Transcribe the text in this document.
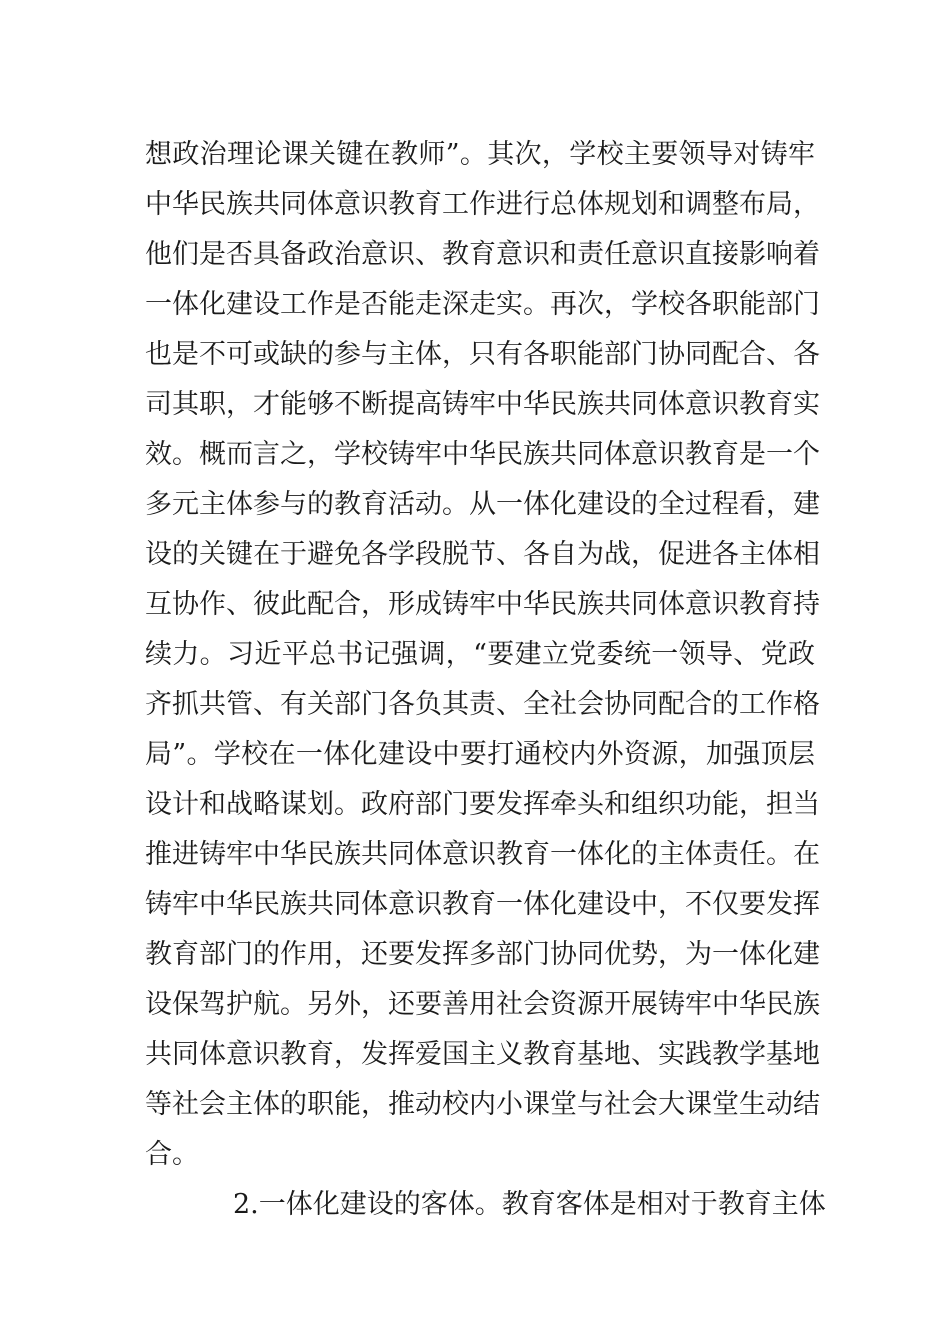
想政治理论课关键在教师”。其次，学校主要领导对铸牢
中华民族共同体意识教育工作进行总体规划和调整布局，
他们是否具备政治意识、教育意识和责任意识直接影响着
一体化建设工作是否能走深走实。再次，学校各职能部门
也是不可或缺的参与主体，只有各职能部门协同配合、各
司其职，才能够不断提高铸牢中华民族共同体意识教育实
效。概而言之，学校铸牢中华民族共同体意识教育是一个
多元主体参与的教育活动。从一体化建设的全过程看，建
设的关键在于避免各学段脱节、各自为战，促进各主体相
互协作、彼此配合，形成铸牢中华民族共同体意识教育持
续力。习近平总书记强调，“要建立党委统一领导、党政
齐抓共管、有关部门各负其责、全社会协同配合的工作格
局”。学校在一体化建设中要打通校内外资源，加强顶层
设计和战略谋划。政府部门要发挥牵头和组织功能，担当
推进铸牢中华民族共同体意识教育一体化的主体责任。在
铸牢中华民族共同体意识教育一体化建设中，不仅要发挥
教育部门的作用，还要发挥多部门协同优势，为一体化建
设保驾护航。另外，还要善用社会资源开展铸牢中华民族
共同体意识教育，发挥爱国主义教育基地、实践教学基地
等社会主体的职能，推动校内小课堂与社会大课堂生动结
合。
2.一体化建设的客体。教育客体是相对于教育主体
